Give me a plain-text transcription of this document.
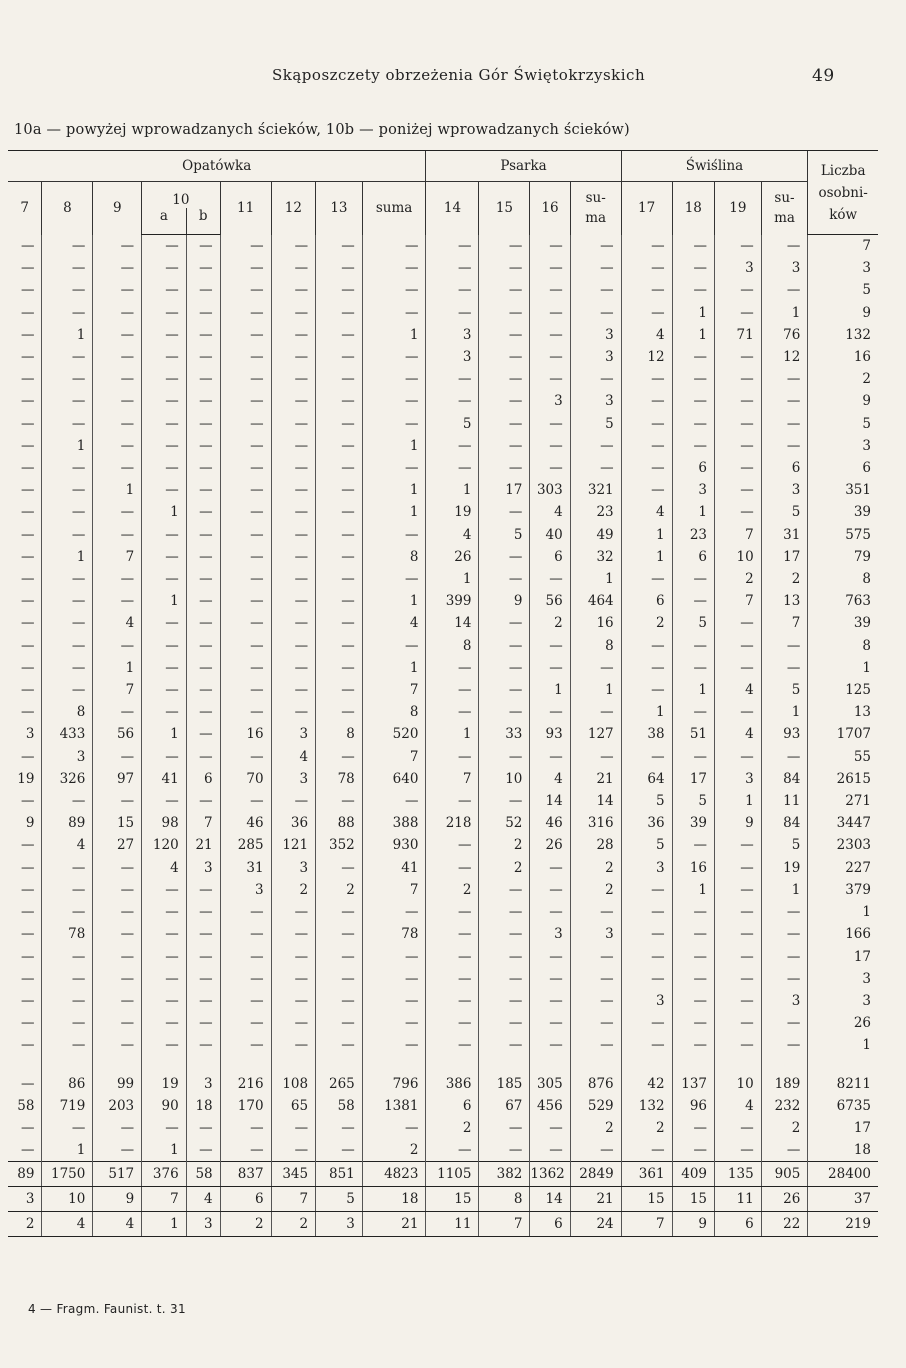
Skąposzczety obrzeżenia Gór Świętokrzyskich	49
10a — powyżej wprowadzanych ścieków, 10b — poniżej wprowadzanych ścieków)
Opatówka									Psarka				Świślina				Liczba osobni- ków
7	8	9	10		11	12	13	suma	14	15	16	su- ma	17	18	19	su- ma	
			a	b													
—	—	—	—	—	—	—	—	—	—	—	—	—	—	—	—	—	7
—	—	—	—	—	—	—	—	—	—	—	—	—	—	—	3	3	3
—	—	—	—	—	—	—	—	—	—	—	—	—	—	—	—	—	5
—	—	—	—	—	—	—	—	—	—	—	—	—	—	1	—	1	9
—	1	—	—	—	—	—	—	1	3	—	—	3	4	1	71	76	132
—	—	—	—	—	—	—	—	—	3	—	—	3	12	—	—	12	16
—	—	—	—	—	—	—	—	—	—	—	—	—	—	—	—	—	2
—	—	—	—	—	—	—	—	—	—	—	3	3	—	—	—	—	9
—	—	—	—	—	—	—	—	—	5	—	—	5	—	—	—	—	5
—	1	—	—	—	—	—	—	1	—	—	—	—	—	—	—	—	3
—	—	—	—	—	—	—	—	—	—	—	—	—	—	6	—	6	6
—	—	1	—	—	—	—	—	1	1	17	303	321	—	3	—	3	351
—	—	—	1	—	—	—	—	1	19	—	4	23	4	1	—	5	39
—	—	—	—	—	—	—	—	—	4	5	40	49	1	23	7	31	575
—	1	7	—	—	—	—	—	8	26	—	6	32	1	6	10	17	79
—	—	—	—	—	—	—	—	—	1	—	—	1	—	—	2	2	8
—	—	—	1	—	—	—	—	1	399	9	56	464	6	—	7	13	763
—	—	4	—	—	—	—	—	4	14	—	2	16	2	5	—	7	39
—	—	—	—	—	—	—	—	—	8	—	—	8	—	—	—	—	8
—	—	1	—	—	—	—	—	1	—	—	—	—	—	—	—	—	1
—	—	7	—	—	—	—	—	7	—	—	1	1	—	1	4	5	125
—	8	—	—	—	—	—	—	8	—	—	—	—	1	—	—	1	13
3	433	56	1	—	16	3	8	520	1	33	93	127	38	51	4	93	1707
—	3	—	—	—	—	4	—	7	—	—	—	—	—	—	—	—	55
19	326	97	41	6	70	3	78	640	7	10	4	21	64	17	3	84	2615
—	—	—	—	—	—	—	—	—	—	—	14	14	5	5	1	11	271
9	89	15	98	7	46	36	88	388	218	52	46	316	36	39	9	84	3447
—	4	27	120	21	285	121	352	930	—	2	26	28	5	—	—	5	2303
—	—	—	4	3	31	3	—	41	—	2	—	2	3	16	—	19	227
—	—	—	—	—	3	2	2	7	2	—	—	2	—	1	—	1	379
—	—	—	—	—	—	—	—	—	—	—	—	—	—	—	—	—	1
—	78	—	—	—	—	—	—	78	—	—	3	3	—	—	—	—	166
—	—	—	—	—	—	—	—	—	—	—	—	—	—	—	—	—	17
—	—	—	—	—	—	—	—	—	—	—	—	—	—	—	—	—	3
—	—	—	—	—	—	—	—	—	—	—	—	—	3	—	—	3	3
—	—	—	—	—	—	—	—	—	—	—	—	—	—	—	—	—	26
—	—	—	—	—	—	—	—	—	—	—	—	—	—	—	—	—	1

—	86	99	19	3	216	108	265	796	386	185	305	876	42	137	10	189	8211
58	719	203	90	18	170	65	58	1381	6	67	456	529	132	96	4	232	6735
—	—	—	—	—	—	—	—	—	2	—	—	2	2	—	—	2	17
—	1	—	1	—	—	—	—	2	—	—	—	—	—	—	—	—	18
89	1750	517	376	58	837	345	851	4823	1105	382	1362	2849	361	409	135	905	28400
3	10	9	7	4	6	7	5	18	15	8	14	21	15	15	11	26	37
2	4	4	1	3	2	2	3	21	11	7	6	24	7	9	6	22	219
4 — Fragm. Faunist. t. 31
